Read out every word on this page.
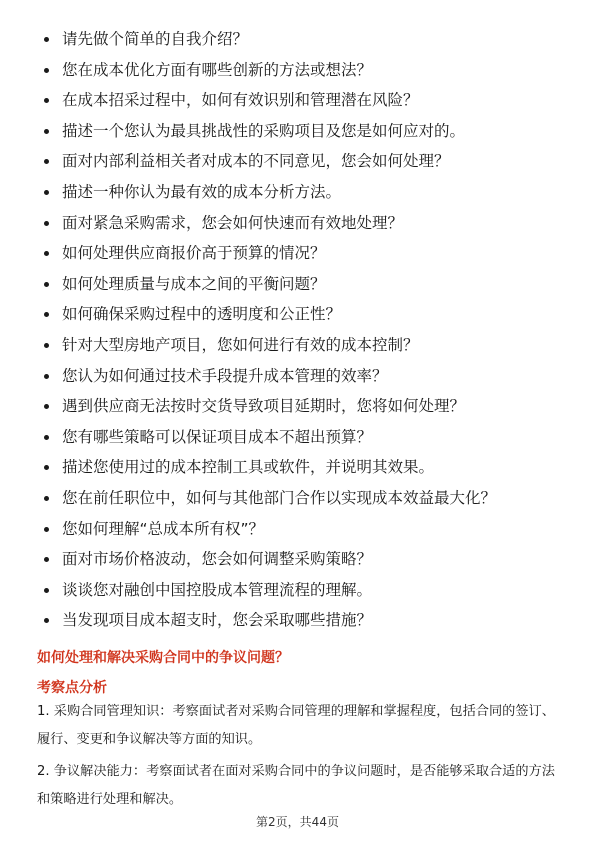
请先做个简单的自我介绍？
您在成本优化方面有哪些创新的方法或想法？
在成本招采过程中，如何有效识别和管理潜在风险？
描述一个您认为最具挑战性的采购项目及您是如何应对的。
面对内部利益相关者对成本的不同意见，您会如何处理？
描述一种你认为最有效的成本分析方法。
面对紧急采购需求，您会如何快速而有效地处理？
如何处理供应商报价高于预算的情况？
如何处理质量与成本之间的平衡问题？
如何确保采购过程中的透明度和公正性？
针对大型房地产项目，您如何进行有效的成本控制？
您认为如何通过技术手段提升成本管理的效率？
遇到供应商无法按时交货导致项目延期时，您将如何处理？
您有哪些策略可以保证项目成本不超出预算？
描述您使用过的成本控制工具或软件，并说明其效果。
您在前任职位中，如何与其他部门合作以实现成本效益最大化？
您如何理解“总成本所有权”？
面对市场价格波动，您会如何调整采购策略？
谈谈您对融创中国控股成本管理流程的理解。
当发现项目成本超支时，您会采取哪些措施？
如何处理和解决采购合同中的争议问题？
考察点分析
1. 采购合同管理知识：考察面试者对采购合同管理的理解和掌握程度，包括合同的签订、履行、变更和争议解决等方面的知识。
2. 争议解决能力：考察面试者在面对采购合同中的争议问题时，是否能够采取合适的方法和策略进行处理和解决。
第2页，共44页
